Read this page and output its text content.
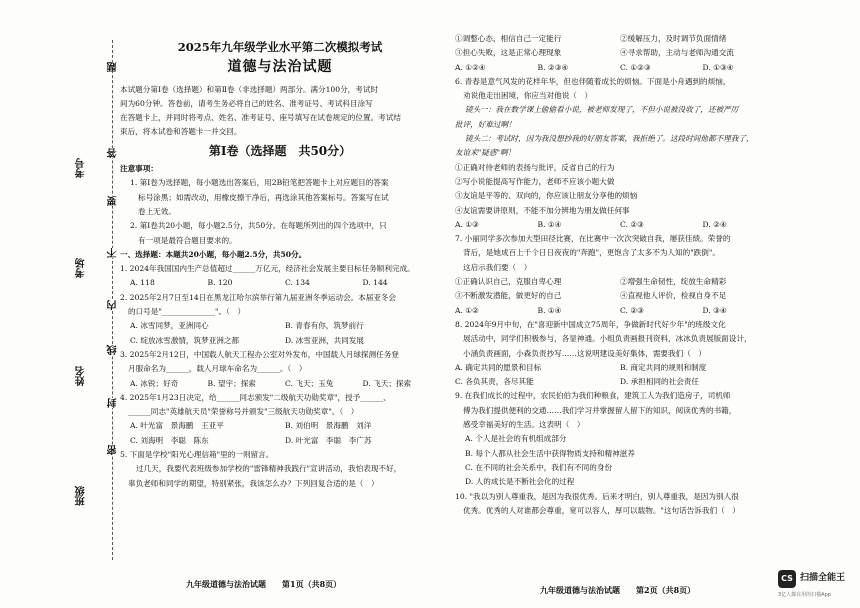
考号
考场
姓名
班级
题
答
要
不
内
线
封
密

2025年九年级学业水平第二次模拟考试

道德与法治试题

本试题分第Ⅰ卷（选择题）和第Ⅱ卷（非选择题）两部分。满分100分，考试时

间为60分钟。答卷前，请考生务必将自己的姓名、准考证号、考试科目涂写

在答题卡上，并同时将考点、姓名、准考证号、座号填写在试卷规定的位置。考试结

束后，将本试卷和答题卡一并交回。

第Ⅰ卷（选择题　共50分）

注意事项：

1. 第Ⅰ卷为选择题，每小题选出答案后，用2B铅笔把答题卡上对应题目的答案

标号涂黑；如需改动，用橡皮擦干净后，再选涂其他答案标号。答案写在试

卷上无效。

2. 第Ⅰ卷共20小题，每小题2.5分，共50分。在每题所列出的四个选项中，只

有一项是最符合题目要求的。

一、选择题：本题共20小题，每小题2.5分，共50分。

1. 2024年我国国内生产总值超过______万亿元，经济社会发展主要目标任务顺利完成。

A. 118	B. 120	C. 134	D. 144

2. 2025年2月7日至14日在黑龙江哈尔滨举行第九届亚洲冬季运动会。本届亚冬会

的口号是"______________"。（　）

A. 冰雪同梦，亚洲同心	B. 青春有你，筑梦前行

C. 绽放冰雪激情，筑梦亚洲之都	D. 冰雪亚洲，共同发展

3. 2025年2月12日，中国载人航天工程办公室对外发布，中国载人月球探测任务登

月服命名为______，载人月球车命名为______。（　）

A. 冰锐；好奇	B. 望宇；探索	C. 飞天；玉兔	D. 飞天；探索

4. 2025年1月23日决定，给______同志颁发"二级航天功勋奖章"，授予______、

______同志"英雄航天员"荣誉称号并颁发"三级航天功勋奖章"。（　）

A. 叶光富　景海鹏　王亚平	B. 刘伯明　景海鹏　刘洋

C. 刘海明　李聪　陈东	D. 叶光富　李聪　李广苏

5. 下面是学校"阳光心理信箱"里的一则留言。

过几天，我要代表班级参加学校的"雷锋精神我践行"宣讲活动，我怕表现不好，

辜负老师和同学的期望，特别紧张，我该怎么办？下列回复合适的是（　）

九年级道德与法治试题　　第1页（共8页）

①调整心态，相信自己一定能行	②缓解压力，及时调节负面情绪

③担心失败，这是正常心理现象	④寻求帮助，主动与老师沟通交流

A. ①②④	B. ②③④	C. ①②③	D. ①③④

6. 青春是意气风发的花样年华，但也伴随着成长的烦恼。下面是小舟遇到的烦恼，

劝说他走出困境，你应当对他说（　）

镜头一：我在数学课上偷偷看小说，被老师发现了，不但小说被没收了，还被严厉

批评，好难过啊！

镜头二：考试时，因为我没想抄我的好朋友答案，我拒绝了。这段时间他都不理我了，

友谊来"疑惑"啊！

①正确对待老师的表扬与批评，反省自己的行为

②写小说能提高写作能力，老师不应该小题大做

③友谊是平等的、双向的，你应该让朋友分享他的烦恼

④友谊需要讲原则，不能不加分辨地为朋友做任何事

A. ①③	B. ①④	C. ②③	D. ②④

7. 小丽同学多次参加大型田径比赛，在比赛中一次次突破自我，屡获佳绩。荣誉的

背后，是她成百上千个日日夜夜的"奔跑"，更饱含了太多不为人知的"跌倒"。

这启示我们要（　）

①正确认识自己，克服自卑心理	②增强生命韧性，绽放生命精彩

③不断激发潜能，做更好的自己	④直视他人评价，检视自身不足

A. ①②	B. ①④	C. ②③	D. ③④

8. 2024年9月中旬，在"喜迎新中国成立75周年，争做新时代好少年"的班级文化

展活动中，同学们积极参与，各显神通。小组负责画报刊资料，冰冰负责展版面设计，

小涵负责画面，小森负责抄写……这说明建设美好集体，需要我们（　）

A. 确定共同的愿景和目标	B. 商定共同的规则和制度

C. 各负其责，各尽其能	D. 承担相同的社会责任

9. 在我们成长的过程中，农民伯伯为我们种粮食，建筑工人为我们造房子，司机师

傅为我们提供便利的交通……我们学习并掌握留人留下的知识，阅读优秀的书籍，

感受幸福美好的生活。这表明（　）

A. 个人是社会的有机组成部分

B. 每个人都从社会生活中获得物质支持和精神滋养

C. 在不同的社会关系中，我们有不同的身份

D. 人的成长是不断社会化的过程

10. "我以为别人尊重我，是因为我很优秀。后来才明白，别人尊重我，是因为别人很

优秀。优秀的人对谁都会尊重，宽可以容人，厚可以载物。"这句话告诉我们（　）

九年级道德与法治试题　　第2页（共8页）
CS 扫描全能王
3亿人都在用的扫描App
